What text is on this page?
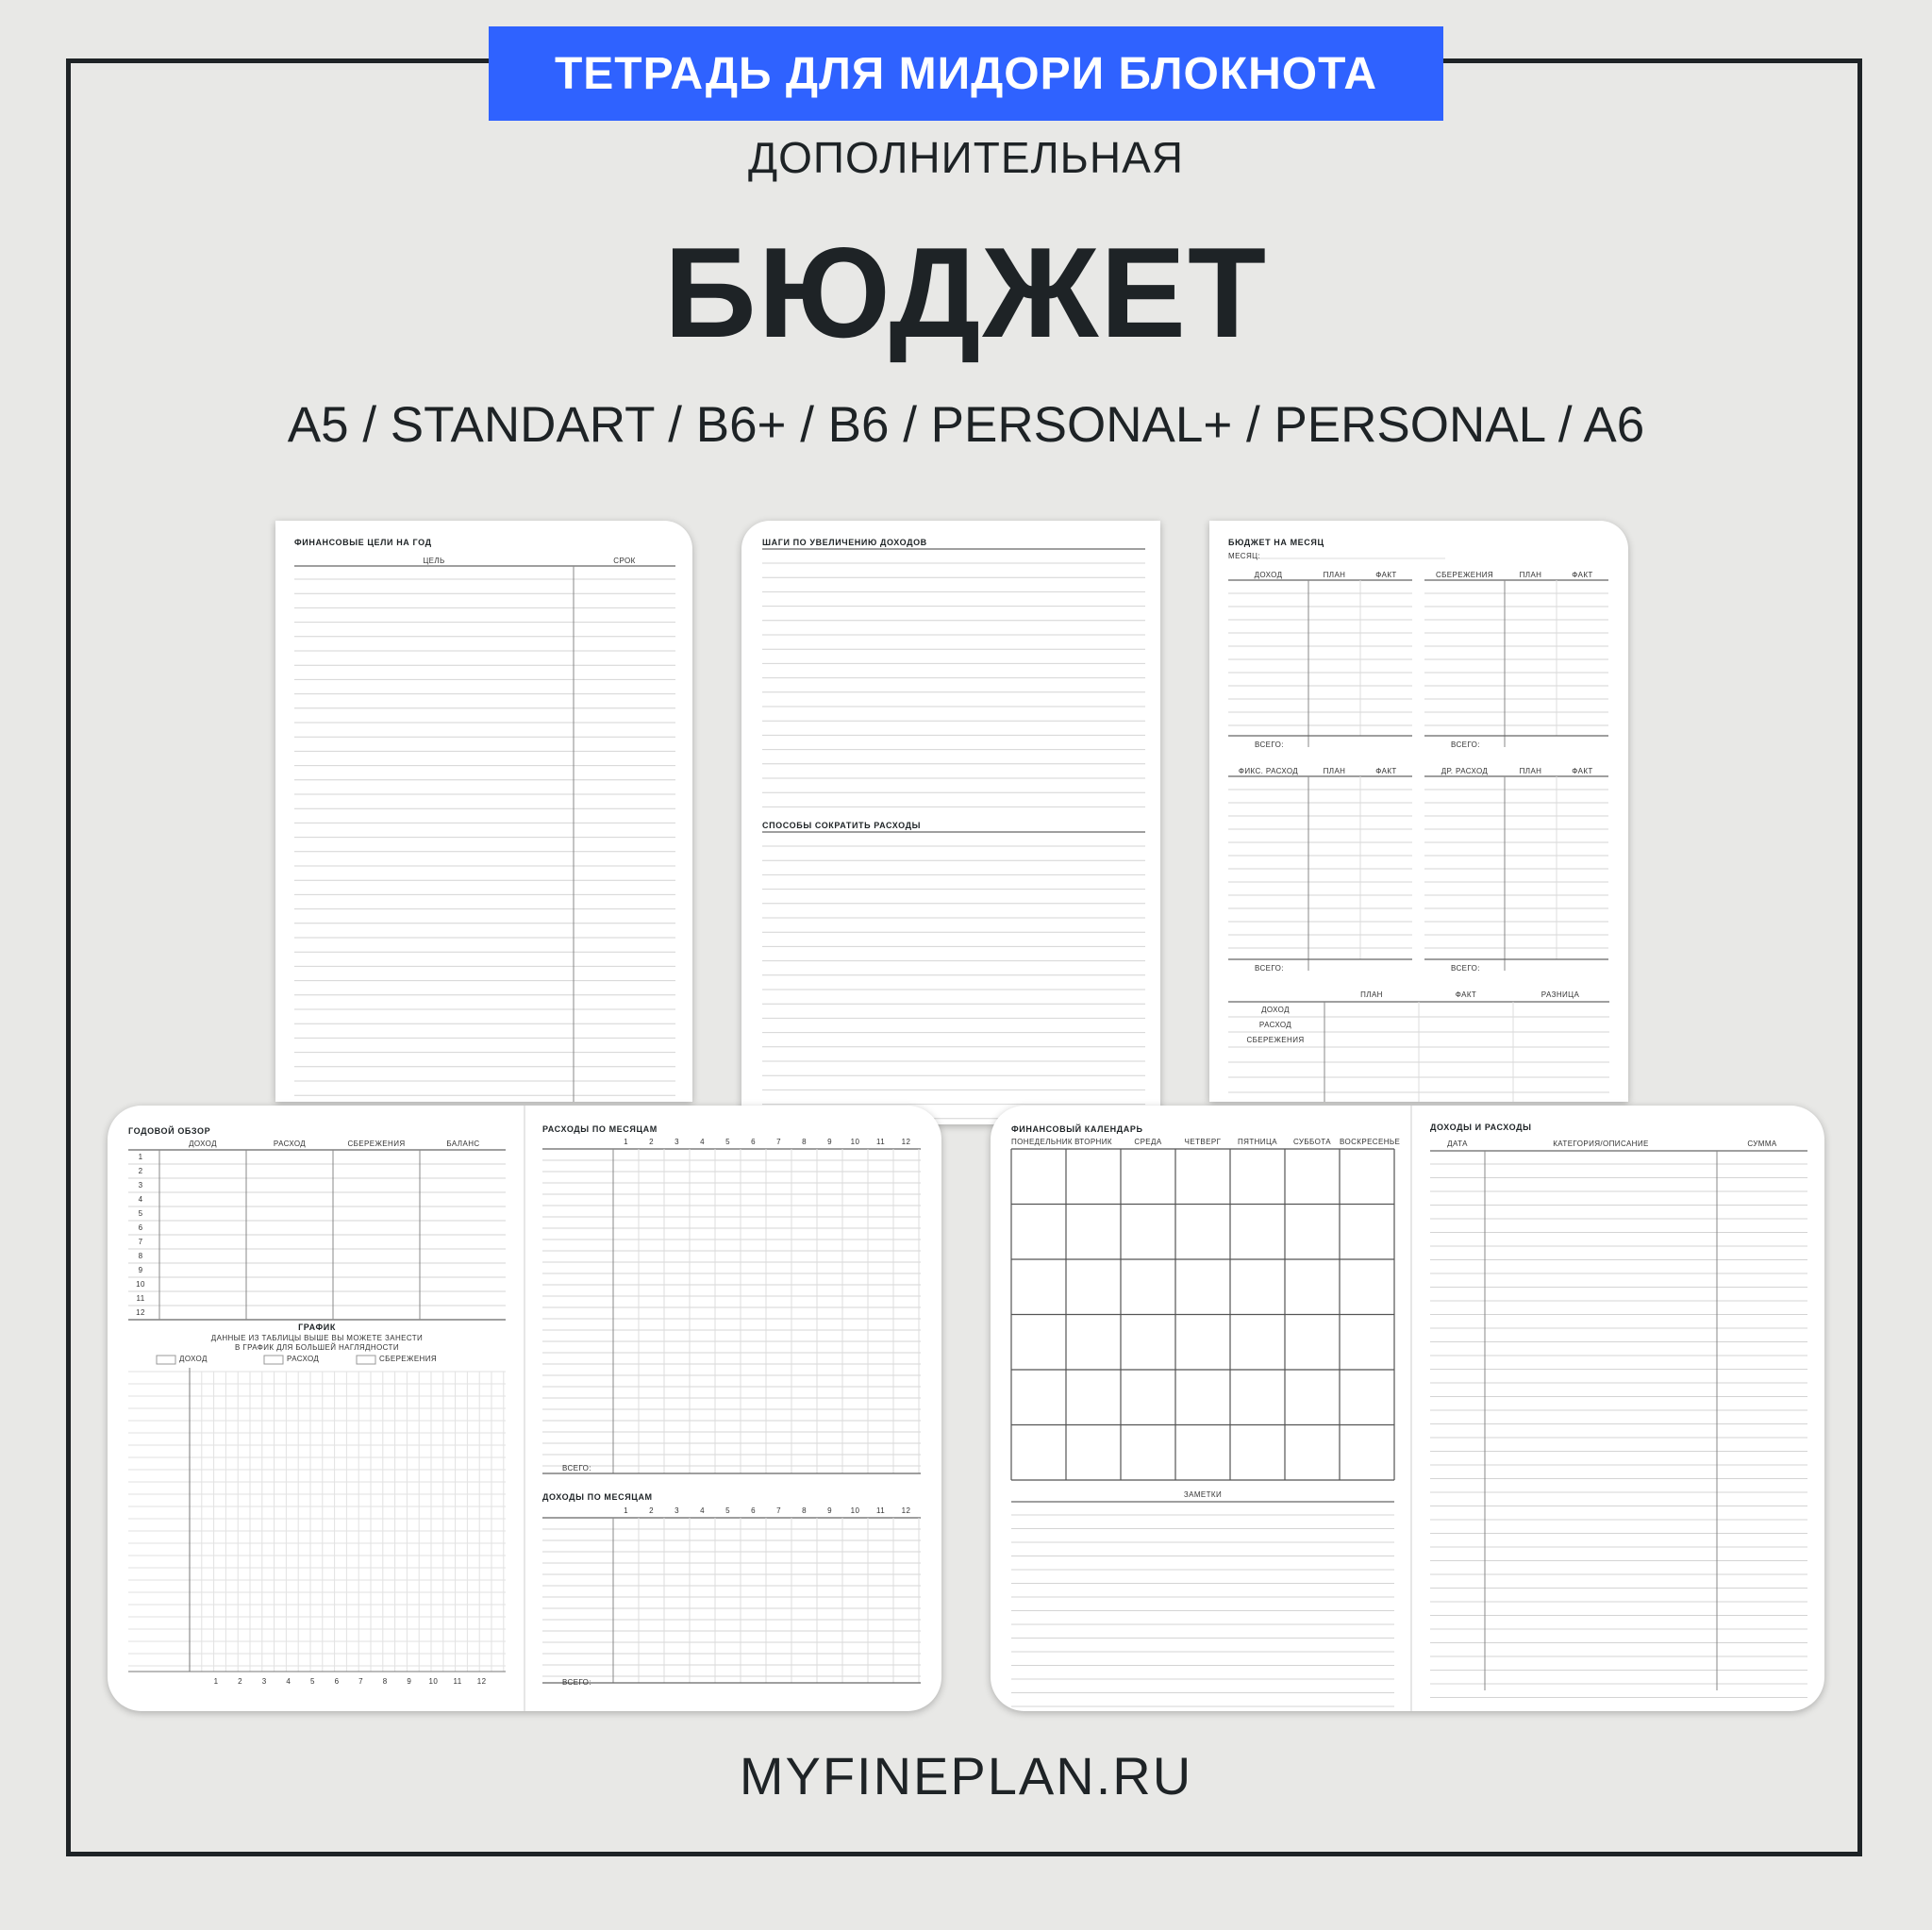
ТЕТРАДЬ ДЛЯ МИДОРИ БЛОКНОТА
ДОПОЛНИТЕЛЬНАЯ
БЮДЖЕТ
A5 / STANDART / B6+ / B6 / PERSONAL+ / PERSONAL / A6
ФИНАНСОВЫЕ ЦЕЛИ НА ГОД
ЦЕЛЬ	СРОК
ШАГИ ПО УВЕЛИЧЕНИЮ ДОХОДОВ
СПОСОБЫ СОКРАТИТЬ РАСХОДЫ
БЮДЖЕТ НА МЕСЯЦ
МЕСЯЦ:
ДОХОД	ПЛАН	ФАКТ	СБЕРЕЖЕНИЯ	ПЛАН	ФАКТ
ВСЕГО:	ВСЕГО:
ФИКС. РАСХОД	ПЛАН	ФАКТ	ДР. РАСХОД	ПЛАН	ФАКТ
ВСЕГО:	ВСЕГО:
ПЛАН	ФАКТ	РАЗНИЦА
ДОХОД
РАСХОД
СБЕРЕЖЕНИЯ
ГОДОВОЙ ОБЗОР
ДОХОД	РАСХОД	СБЕРЕЖЕНИЯ	БАЛАНС
1
2
3
4
5
6
7
8
9
10
11
12
ГРАФИК
ДАННЫЕ ИЗ ТАБЛИЦЫ ВЫШЕ ВЫ МОЖЕТЕ ЗАНЕСТИ
В ГРАФИК ДЛЯ БОЛЬШЕЙ НАГЛЯДНОСТИ
ДОХОД	РАСХОД	СБЕРЕЖЕНИЯ
1	2	3	4	5	6	7	8	9	10	11	12
РАСХОДЫ ПО МЕСЯЦАМ
ДОХОДЫ ПО МЕСЯЦАМ
ВСЕГО:
ВСЕГО:
1	2	3	4	5	6	7	8	9	10	11	12
1	2	3	4	5	6	7	8	9	10	11	12
ФИНАНСОВЫЙ КАЛЕНДАРЬ
ПОНЕДЕЛЬНИК ВТОРНИК	СРЕДА	ЧЕТВЕРГ	ПЯТНИЦА	СУББОТА	ВОСКРЕСЕНЬЕ
ЗАМЕТКИ
ДОХОДЫ И РАСХОДЫ
ДАТА	КАТЕГОРИЯ/ОПИСАНИЕ	СУММА
MYFINEPLAN.RU
